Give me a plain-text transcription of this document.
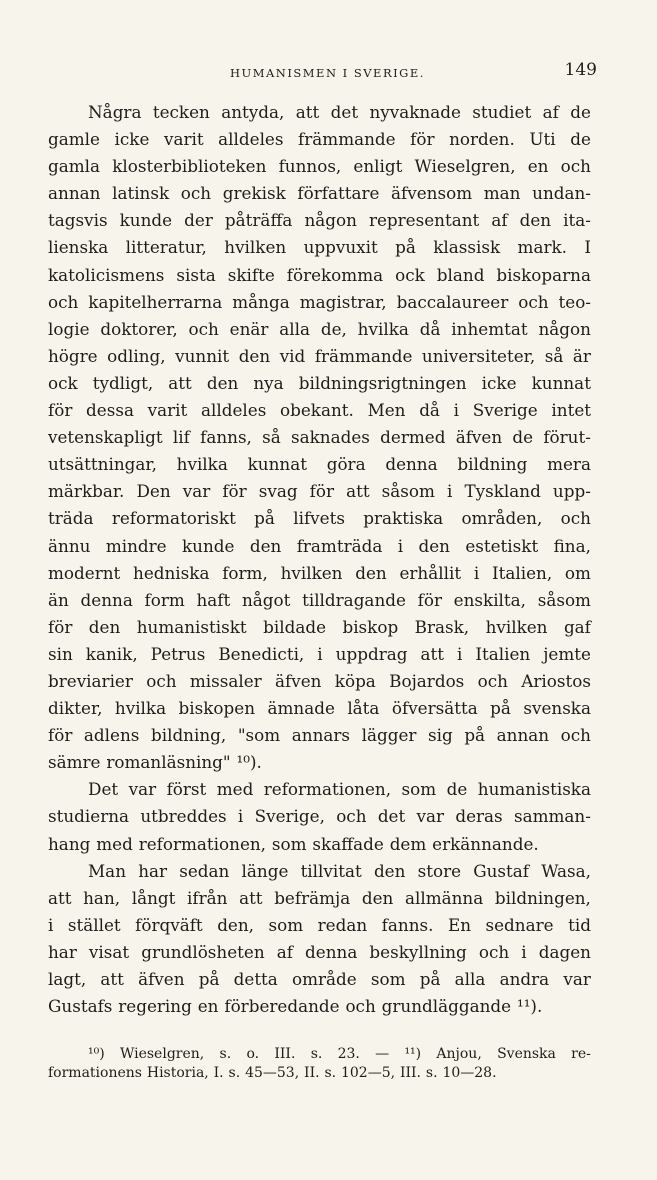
HUMANISMEN I SVERIGE.	149
Några tecken antyda, att det nyvaknade studiet af de
gamle icke varit alldeles främmande för norden. Uti de
gamla klosterbiblioteken funnos, enligt Wieselgren, en och
annan latinsk och grekisk författare äfvensom man undan-
tagsvis kunde der påträffa någon representant af den ita-
lienska litteratur, hvilken uppvuxit på klassisk mark. I
katolicismens sista skifte förekomma ock bland biskoparna
och kapitelherrarna många magistrar, baccalaureer och teo-
logie doktorer, och enär alla de, hvilka då inhemtat någon
högre odling, vunnit den vid främmande universiteter, så är
ock tydligt, att den nya bildningsrigtningen icke kunnat
för dessa varit alldeles obekant. Men då i Sverige intet
vetenskapligt lif fanns, så saknades dermed äfven de förut-
utsättningar, hvilka kunnat göra denna bildning mera
märkbar. Den var för svag för att såsom i Tyskland upp-
träda reformatoriskt på lifvets praktiska områden, och
ännu mindre kunde den framträda i den estetiskt fina,
modernt hedniska form, hvilken den erhållit i Italien, om
än denna form haft något tilldragande för enskilta, såsom
för den humanistiskt bildade biskop Brask, hvilken gaf
sin kanik, Petrus Benedicti, i uppdrag att i Italien jemte
breviarier och missaler äfven köpa Bojardos och Ariostos
dikter, hvilka biskopen ämnade låta öfversätta på svenska
för adlens bildning, "som annars lägger sig på annan och
sämre romanläsning" ¹⁰).
Det var först med reformationen, som de humanistiska
studierna utbreddes i Sverige, och det var deras samman-
hang med reformationen, som skaffade dem erkännande.
Man har sedan länge tillvitat den store Gustaf Wasa,
att han, långt ifrån att befrämja den allmänna bildningen,
i stället förqväft den, som redan fanns. En sednare tid
har visat grundlösheten af denna beskyllning och i dagen
lagt, att äfven på detta område som på alla andra var
Gustafs regering en förberedande och grundläggande ¹¹).
¹⁰) Wieselgren, s. o. III. s. 23. — ¹¹) Anjou, Svenska re-
formationens Historia, I. s. 45—53, II. s. 102—5, III. s. 10—28.
